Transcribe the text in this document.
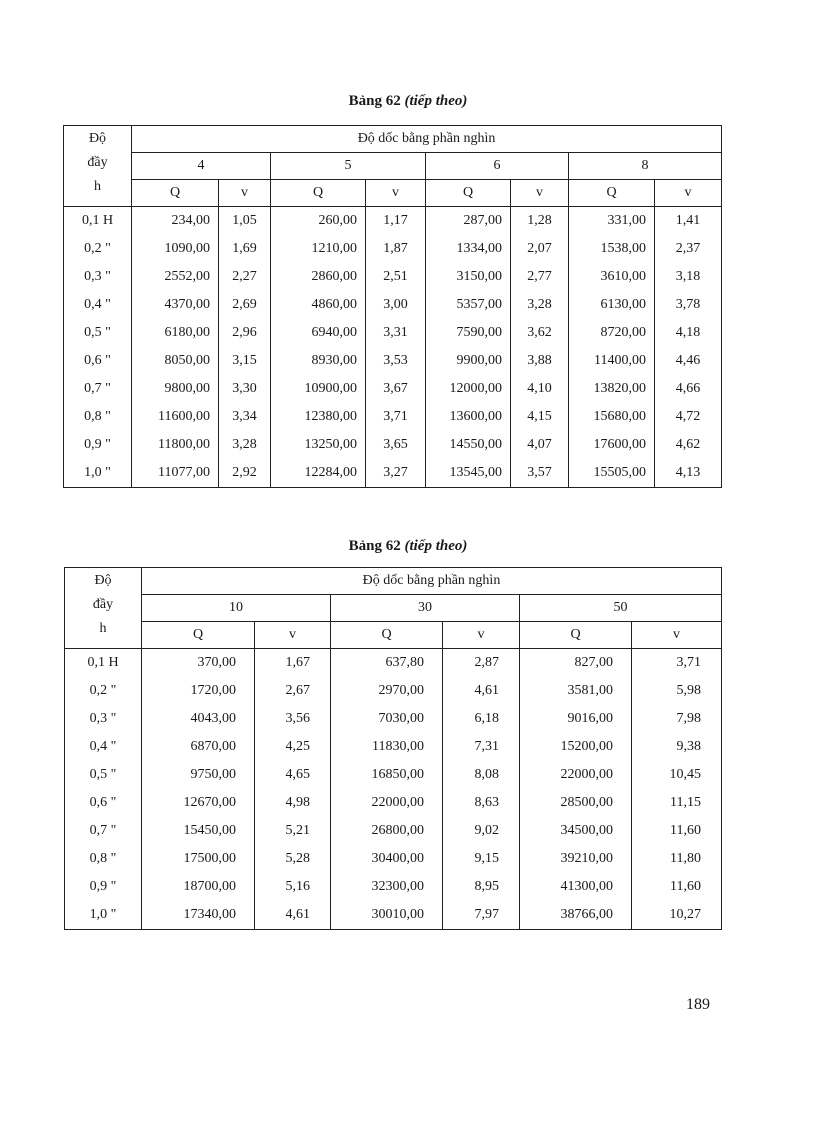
Bảng 62 (tiếp theo)
Độ
đầy
h	Độ dốc bằng phần nghìn							
	4		5		6		8	
	Q	v	Q	v	Q	v	Q	v
0,1 H	234,00	1,05	260,00	1,17	287,00	1,28	331,00	1,41
0,2 "	1090,00	1,69	1210,00	1,87	1334,00	2,07	1538,00	2,37
0,3 "	2552,00	2,27	2860,00	2,51	3150,00	2,77	3610,00	3,18
0,4 "	4370,00	2,69	4860,00	3,00	5357,00	3,28	6130,00	3,78
0,5 "	6180,00	2,96	6940,00	3,31	7590,00	3,62	8720,00	4,18
0,6 "	8050,00	3,15	8930,00	3,53	9900,00	3,88	11400,00	4,46
0,7 "	9800,00	3,30	10900,00	3,67	12000,00	4,10	13820,00	4,66
0,8 "	11600,00	3,34	12380,00	3,71	13600,00	4,15	15680,00	4,72
0,9 "	11800,00	3,28	13250,00	3,65	14550,00	4,07	17600,00	4,62
1,0 "	11077,00	2,92	12284,00	3,27	13545,00	3,57	15505,00	4,13
Bảng 62 (tiếp theo)
Độ
đầy
h	Độ dốc bằng phần nghìn					
	10		30		50	
	Q	v	Q	v	Q	v
0,1 H	370,00	1,67	637,80	2,87	827,00	3,71
0,2 "	1720,00	2,67	2970,00	4,61	3581,00	5,98
0,3 "	4043,00	3,56	7030,00	6,18	9016,00	7,98
0,4 "	6870,00	4,25	11830,00	7,31	15200,00	9,38
0,5 "	9750,00	4,65	16850,00	8,08	22000,00	10,45
0,6 "	12670,00	4,98	22000,00	8,63	28500,00	11,15
0,7 "	15450,00	5,21	26800,00	9,02	34500,00	11,60
0,8 "	17500,00	5,28	30400,00	9,15	39210,00	11,80
0,9 "	18700,00	5,16	32300,00	8,95	41300,00	11,60
1,0 "	17340,00	4,61	30010,00	7,97	38766,00	10,27
189
